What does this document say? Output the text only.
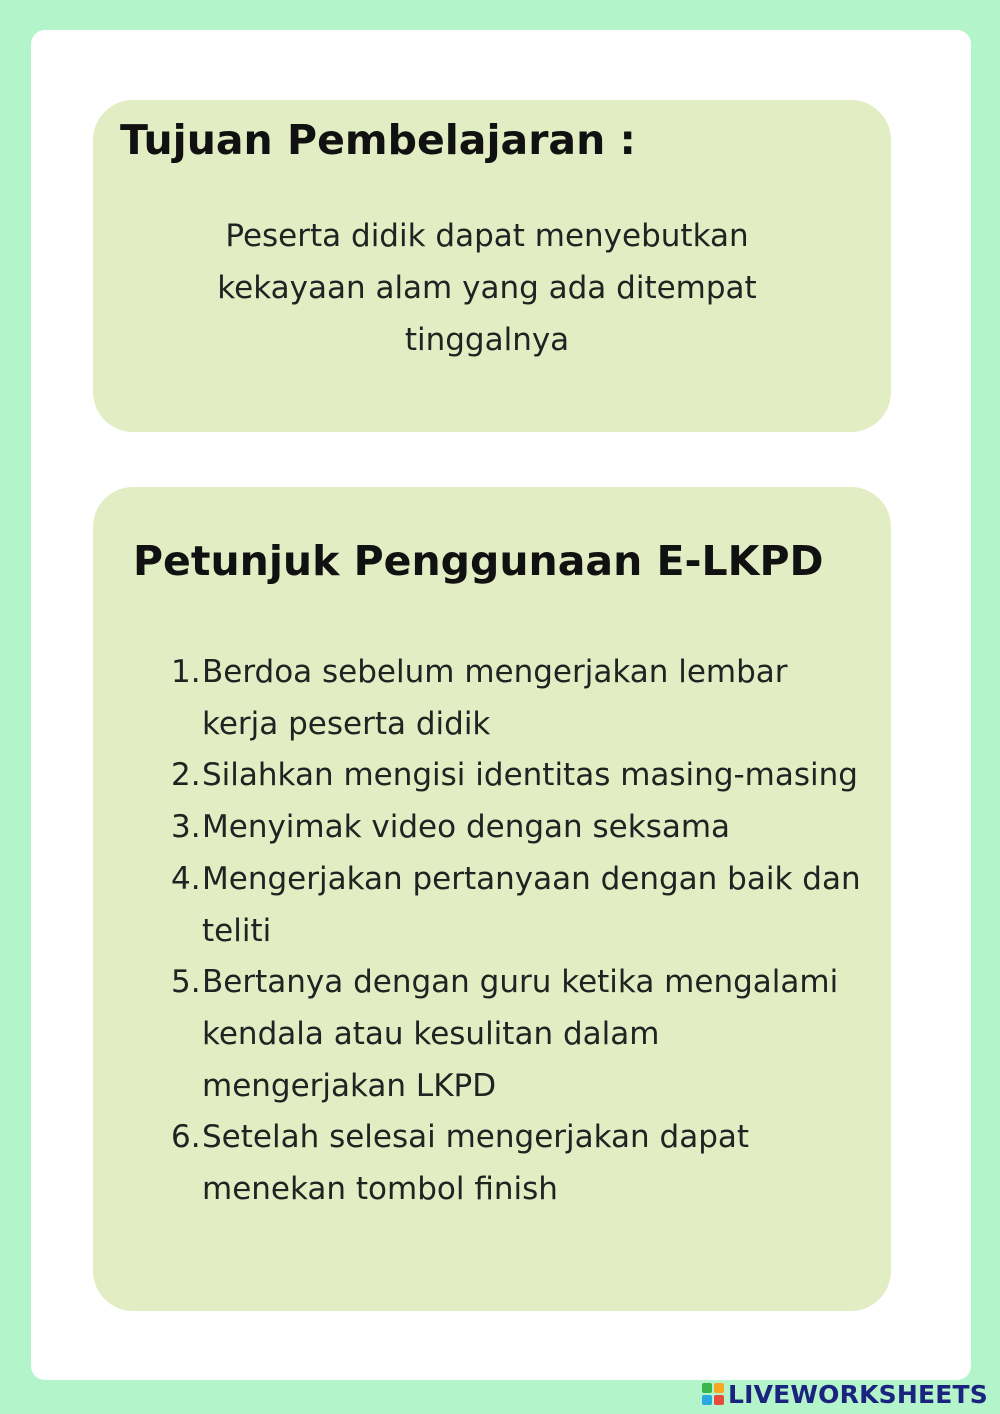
Tujuan Pembelajaran :

Peserta didik dapat menyebutkan kekayaan alam yang ada ditempat tinggalnya

Petunjuk Penggunaan E-LKPD
1. Berdoa sebelum mengerjakan lembar kerja peserta didik
2. Silahkan mengisi identitas masing-masing
3. Menyimak video dengan seksama
4. Mengerjakan pertanyaan dengan baik dan teliti
5. Bertanya dengan guru ketika mengalami kendala atau kesulitan dalam mengerjakan LKPD
6. Setelah selesai mengerjakan dapat menekan tombol finish
LIVEWORKSHEETS
